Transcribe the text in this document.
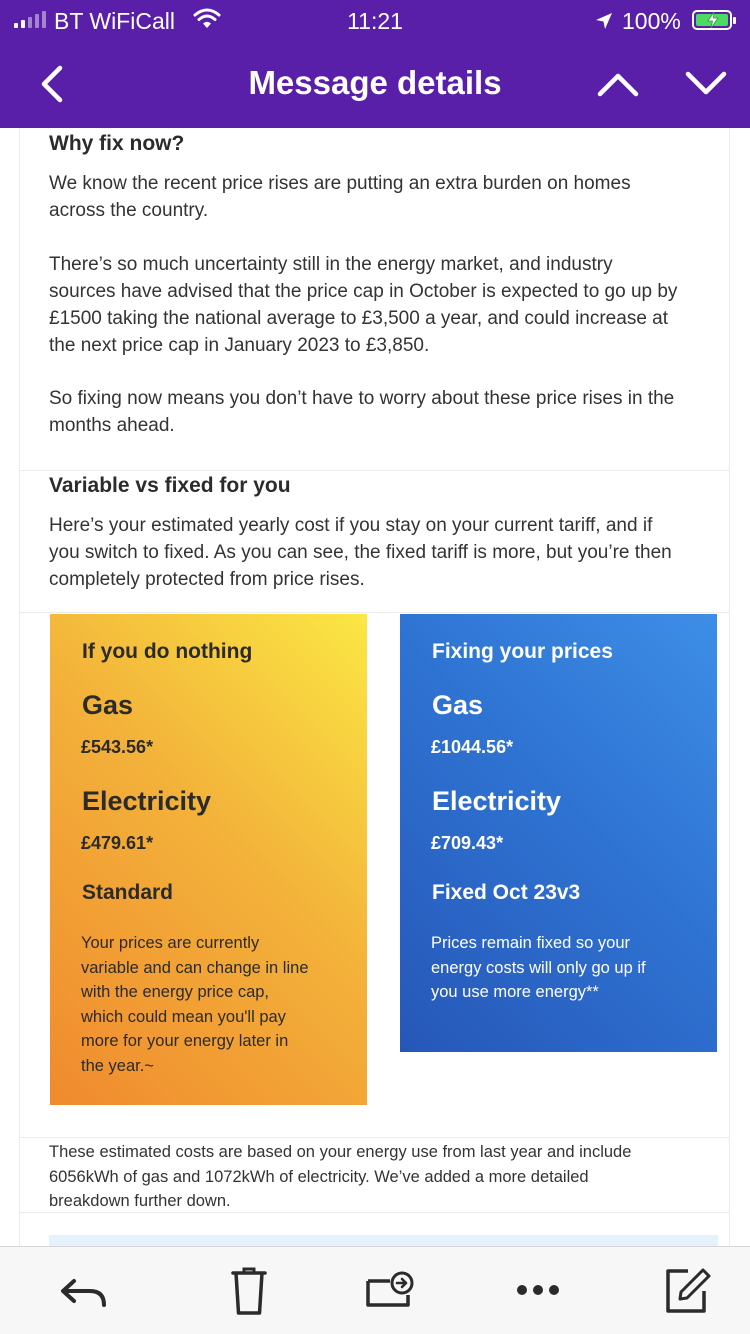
BT WiFiCall	11:21	100%
Message details
Why fix now?
We know the recent price rises are putting an extra burden on homes
across the country.
There’s so much uncertainty still in the energy market, and industry
sources have advised that the price cap in October is expected to go up by
£1500 taking the national average to £3,500 a year, and could increase at
the next price cap in January 2023 to £3,850.
So fixing now means you don’t have to worry about these price rises in the
months ahead.
Variable vs fixed for you
Here’s your estimated yearly cost if you stay on your current tariff, and if
you switch to fixed. As you can see, the fixed tariff is more, but you’re then
completely protected from price rises.
If you do nothing
Gas
£543.56*
Electricity
£479.61*
Standard
Your prices are currently
variable and can change in line
with the energy price cap,
which could mean you'll pay
more for your energy later in
the year.~
Fixing your prices
Gas
£1044.56*
Electricity
£709.43*
Fixed Oct 23v3
Prices remain fixed so your
energy costs will only go up if
you use more energy**
These estimated costs are based on your energy use from last year and include
6056kWh of gas and 1072kWh of electricity. We’ve added a more detailed
breakdown further down.
